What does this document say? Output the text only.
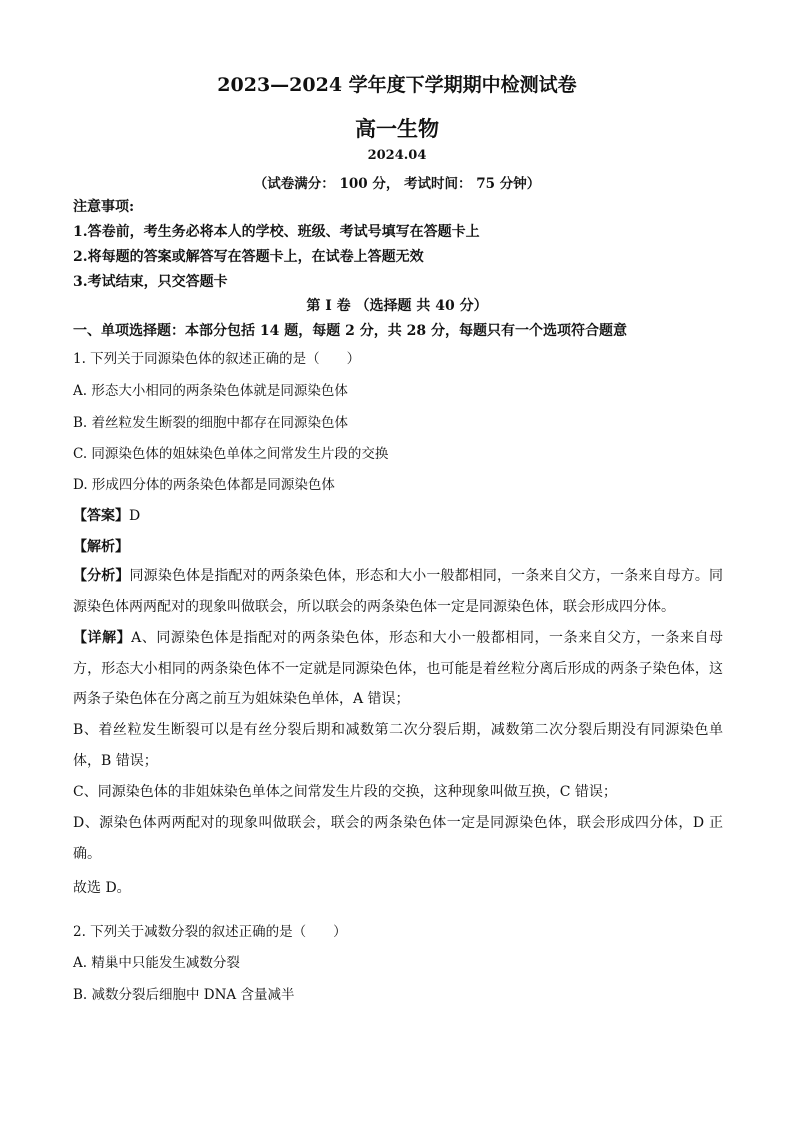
2023—2024 学年度下学期期中检测试卷
高一生物
2024.04
（试卷满分： 100 分， 考试时间： 75 分钟）
注意事项:
1.答卷前，考生务必将本人的学校、班级、考试号填写在答题卡上
2.将每题的答案或解答写在答题卡上，在试卷上答题无效
3.考试结束，只交答题卡
第 Ⅰ 卷 （选择题 共 40 分）
一、单项选择题：本部分包括 14 题，每题 2 分，共 28 分，每题只有一个选项符合题意
1. 下列关于同源染色体的叙述正确的是（　　）
A. 形态大小相同的两条染色体就是同源染色体
B. 着丝粒发生断裂的细胞中都存在同源染色体
C. 同源染色体的姐妹染色单体之间常发生片段的交换
D. 形成四分体的两条染色体都是同源染色体
【答案】D
【解析】
【分析】同源染色体是指配对的两条染色体，形态和大小一般都相同，一条来自父方，一条来自母方。同源染色体两两配对的现象叫做联会，所以联会的两条染色体一定是同源染色体，联会形成四分体。
【详解】A、同源染色体是指配对的两条染色体，形态和大小一般都相同，一条来自父方，一条来自母方，形态大小相同的两条染色体不一定就是同源染色体，也可能是着丝粒分离后形成的两条子染色体，这两条子染色体在分离之前互为姐妹染色单体，A 错误；
B、着丝粒发生断裂可以是有丝分裂后期和减数第二次分裂后期，减数第二次分裂后期没有同源染色单体，B 错误；
C、同源染色体的非姐妹染色单体之间常发生片段的交换，这种现象叫做互换，C 错误；
D、源染色体两两配对的现象叫做联会，联会的两条染色体一定是同源染色体，联会形成四分体，D 正确。
故选 D。
2. 下列关于减数分裂的叙述正确的是（　　）
A. 精巢中只能发生减数分裂
B. 减数分裂后细胞中 DNA 含量减半
